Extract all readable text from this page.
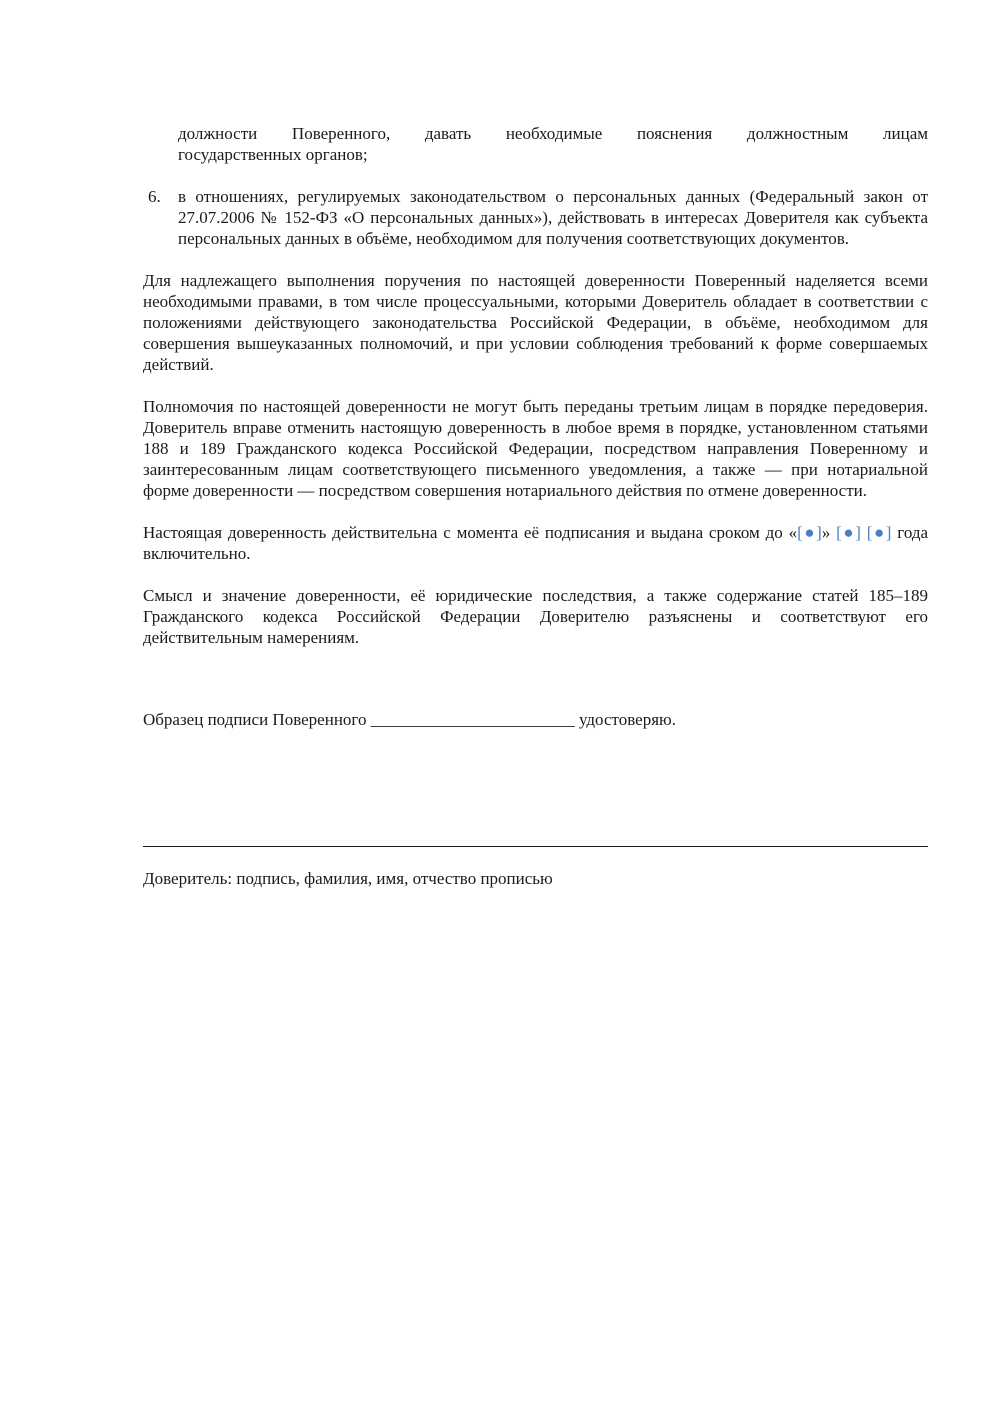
должности Поверенного, давать необходимые пояснения должностным лицам
государственных органов;

6.	в отношениях, регулируемых законодательством о персональных данных (Федеральный закон от 27.07.2006 № 152-ФЗ «О персональных данных»), действовать в интересах Доверителя как субъекта персональных данных в объёме, необходимом для получения соответствующих документов.

Для надлежащего выполнения поручения по настоящей доверенности Поверенный наделяется всеми необходимыми правами, в том числе процессуальными, которыми Доверитель обладает в соответствии с положениями действующего законодательства Российской Федерации, в объёме, необходимом для совершения вышеуказанных полномочий, и при условии соблюдения требований к форме совершаемых действий.

Полномочия по настоящей доверенности не могут быть переданы третьим лицам в порядке передоверия. Доверитель вправе отменить настоящую доверенность в любое время в порядке, установленном статьями 188 и 189 Гражданского кодекса Российской Федерации, посредством направления Поверенному и заинтересованным лицам соответствующего письменного уведомления, а также — при нотариальной форме доверенности — посредством совершения нотариального действия по отмене доверенности.

Настоящая доверенность действительна с момента её подписания и выдана сроком до «[●]» [●] [●] года включительно.

Смысл и значение доверенности, её юридические последствия, а также содержание статей 185–189 Гражданского кодекса Российской Федерации Доверителю разъяснены и соответствуют его действительным намерениям.

Образец подписи Поверенного ________________________ удостоверяю.
Доверитель: подпись, фамилия, имя, отчество прописью
